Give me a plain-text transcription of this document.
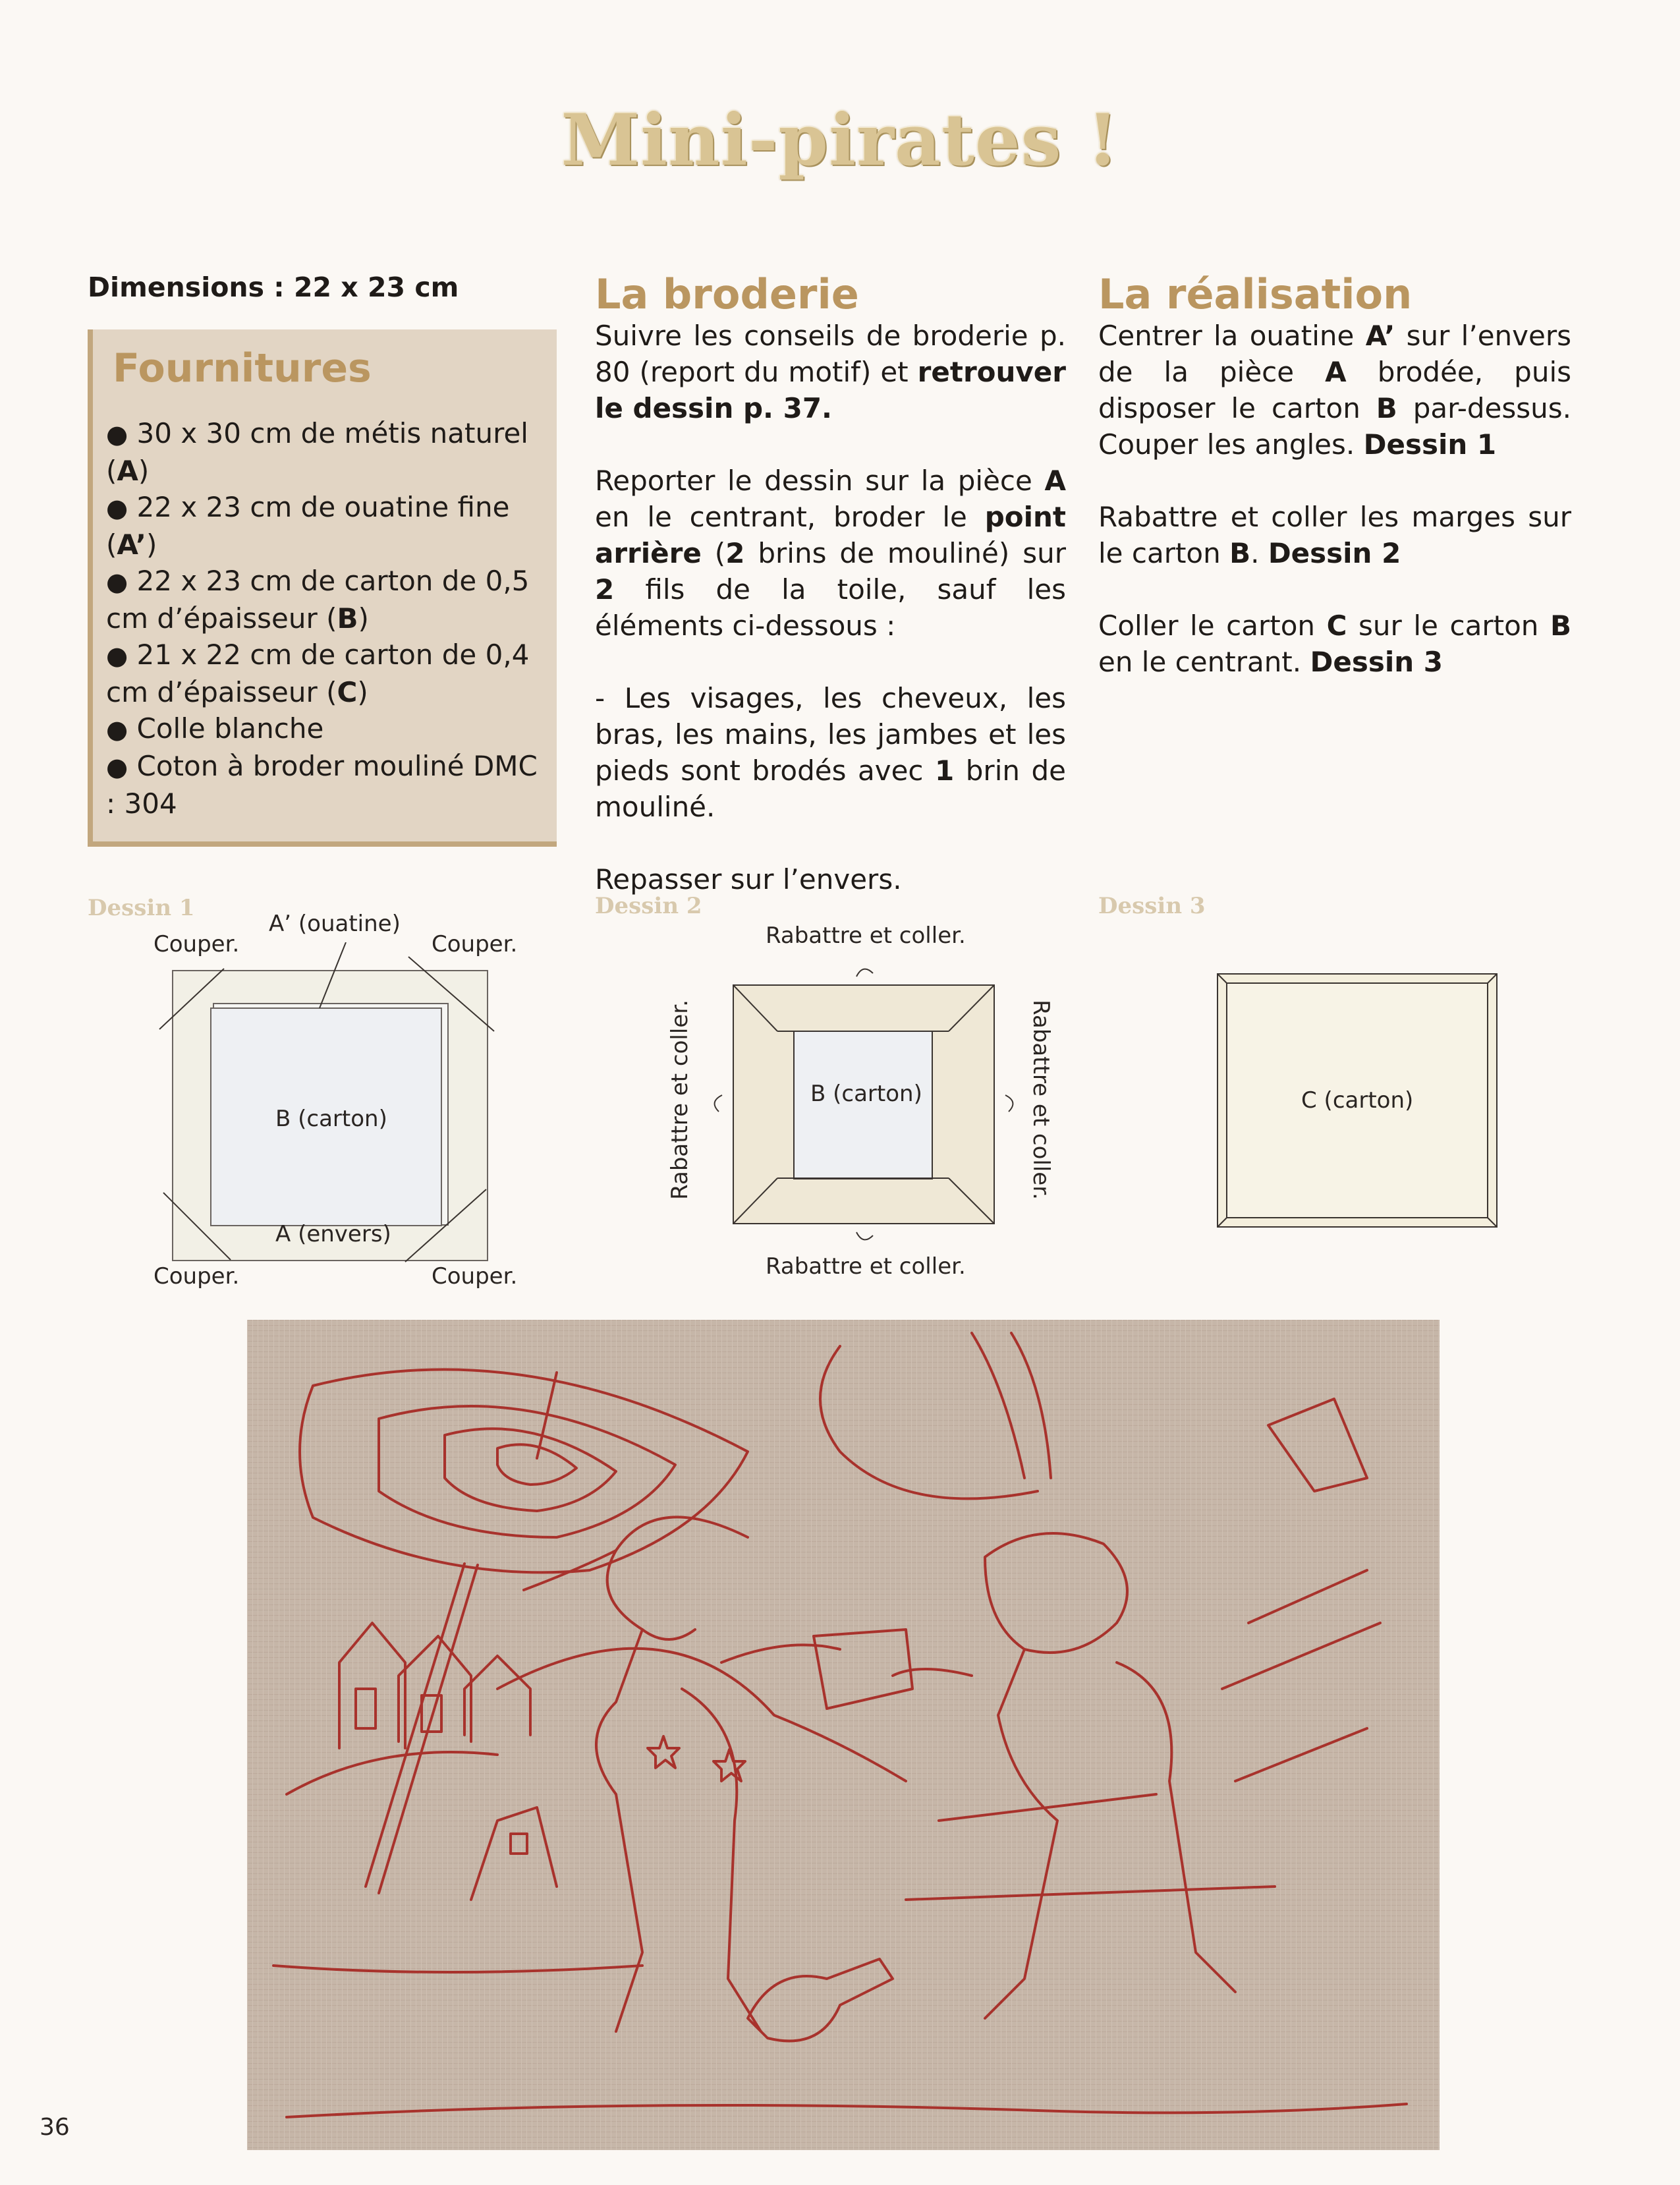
Mini-pirates !
Dimensions : 22 x 23 cm
Fournitures
● 30 x 30 cm de métis naturel (A)
● 22 x 23 cm de ouatine fine (A’)
● 22 x 23 cm de carton de 0,5 cm d’épaisseur (B)
● 21 x 22 cm de carton de 0,4 cm d’épaisseur (C)
● Colle blanche
● Coton à broder mouliné DMC : 304
La broderie

Suivre les conseils de broderie p. 80 (report du motif) et retrouver le dessin p. 37.

Reporter le dessin sur la pièce A en le centrant, broder le point arrière (2 brins de mouliné) sur 2 fils de la toile, sauf les éléments ci-dessous :

- Les visages, les cheveux, les bras, les mains, les jambes et les pieds sont brodés avec 1 brin de mouliné.

Repasser sur l’envers.

La réalisation

Centrer la ouatine A’ sur l’envers de la pièce A brodée, puis disposer le carton B par-dessus. Couper les angles. Dessin 1

Rabattre et coller les marges sur le carton B. Dessin 2

Coller le carton C sur le carton B en le centrant. Dessin 3

Dessin 1
A’ (ouatine)
Couper.	Couper.
Couper.	Couper.
B (carton)
A (envers)
Dessin 2
Rabattre et coller.
Rabattre et coller.
Rabattre et coller.	Rabattre et coller.
B (carton)
Dessin 3
C (carton)
36
